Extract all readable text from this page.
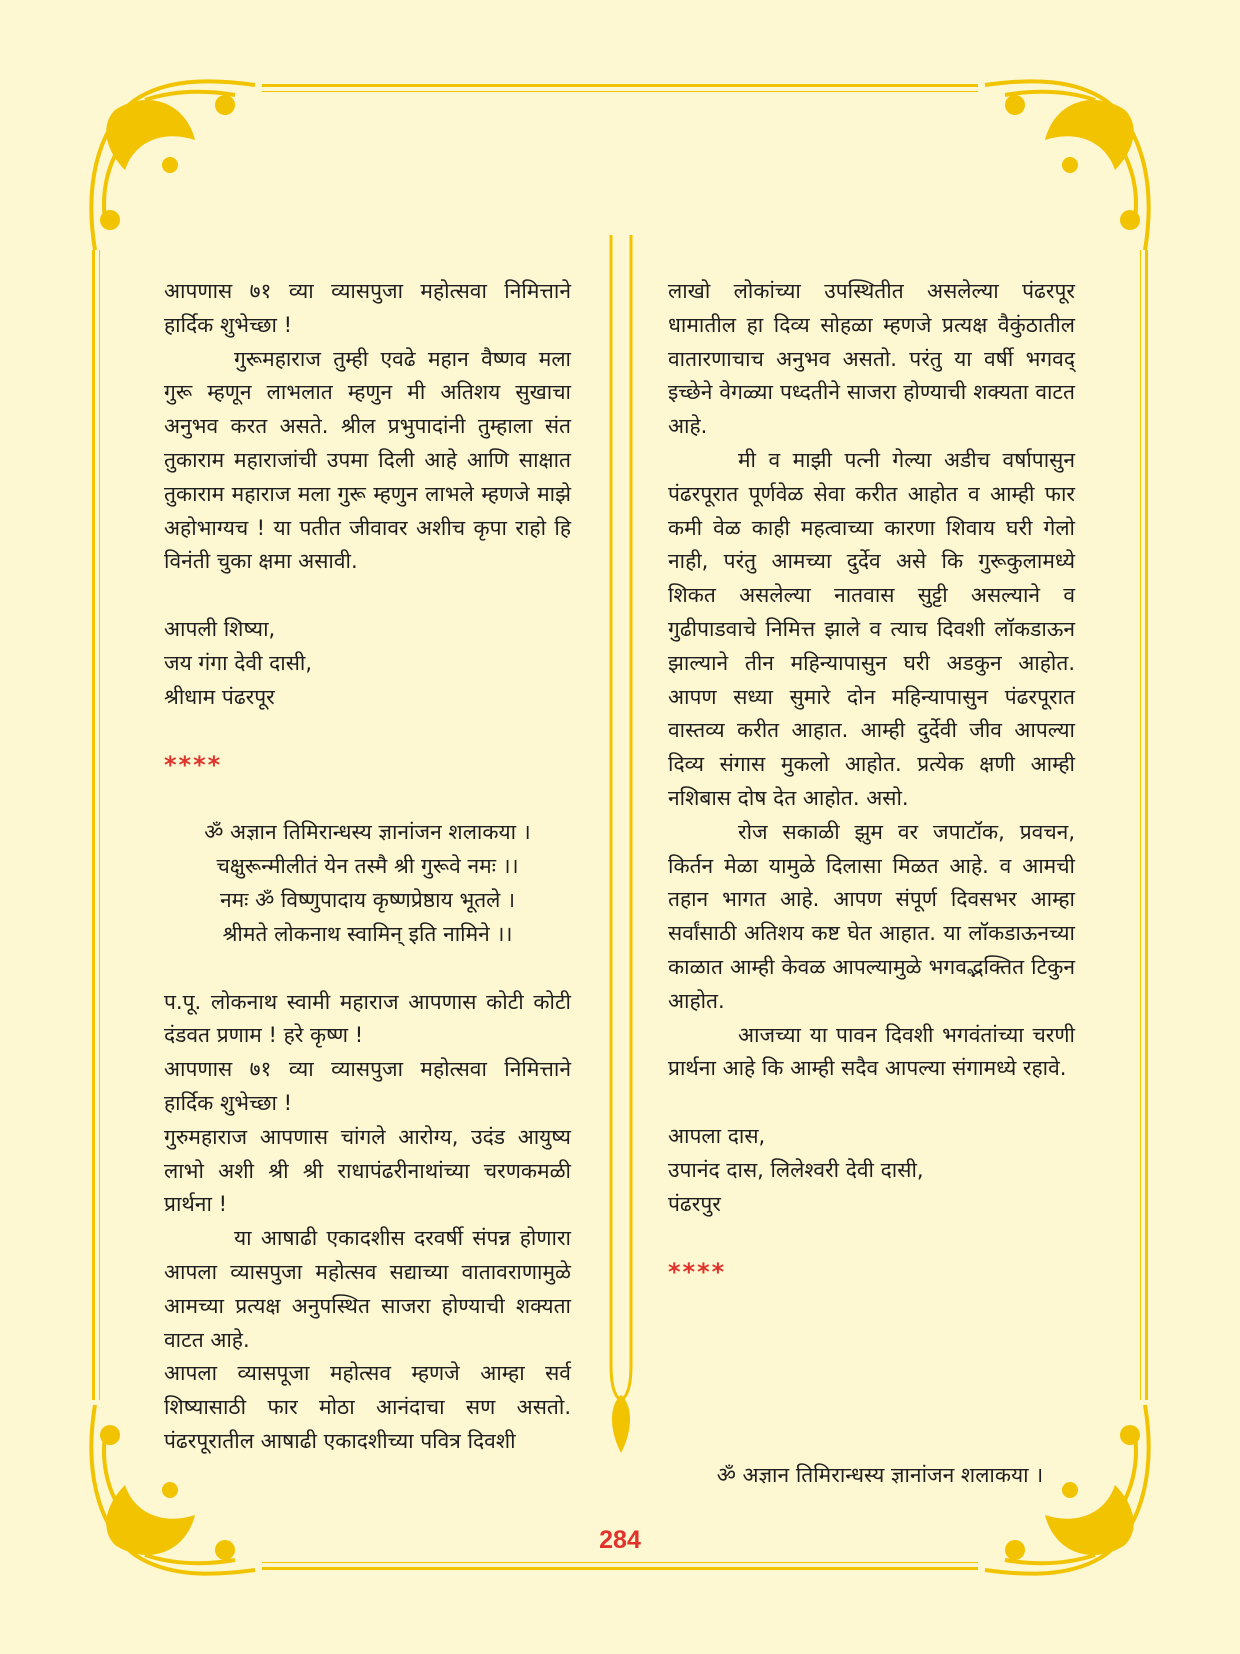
आपणास ७१ व्या व्यासपुजा महोत्सवा निमित्ताने हार्दिक शुभेच्छा !

गुरूमहाराज तुम्ही एवढे महान वैष्णव मला गुरू म्हणून लाभलात म्हणुन मी अतिशय सुखाचा अनुभव करत असते. श्रील प्रभुपादांनी तुम्हाला संत तुकाराम महाराजांची उपमा दिली आहे आणि साक्षात तुकाराम महाराज मला गुरू म्हणुन लाभले म्हणजे माझे अहोभाग्यच ! या पतीत जीवावर अशीच कृपा राहो हि विनंती चुका क्षमा असावी.

आपली शिष्या,

जय गंगा देवी दासी,

श्रीधाम पंढरपूर

****

ॐ अज्ञान तिमिरान्धस्य ज्ञानांजन शलाकया ।

चक्षुरून्मीलीतं येन तस्मै श्री गुरूवे नमः ।।

नमः ॐ विष्णुपादाय कृष्णप्रेष्ठाय भूतले ।

श्रीमते लोकनाथ स्वामिन् इति नामिने ।।

प.पू. लोकनाथ स्वामी महाराज आपणास कोटी कोटी दंडवत प्रणाम ! हरे कृष्ण !

आपणास ७१ व्या व्यासपुजा महोत्सवा निमित्ताने हार्दिक शुभेच्छा !

गुरुमहाराज आपणास चांगले आरोग्य, उदंड आयुष्य लाभो अशी श्री श्री राधापंढरीनाथांच्या चरणकमळी प्रार्थना !

या आषाढी एकादशीस दरवर्षी संपन्न होणारा आपला व्यासपुजा महोत्सव सद्याच्या वातावराणामुळे आमच्या प्रत्यक्ष अनुपस्थित साजरा होण्याची शक्यता वाटत आहे.

आपला व्यासपूजा महोत्सव म्हणजे आम्हा सर्व शिष्यासाठी फार मोठा आनंदाचा सण असतो. पंढरपूरातील आषाढी एकादशीच्या पवित्र दिवशी

लाखो लोकांच्या उपस्थितीत असलेल्या पंढरपूर धामातील हा दिव्य सोहळा म्हणजे प्रत्यक्ष वैकुंठातील वातारणाचाच अनुभव असतो. परंतु या वर्षी भगवद् इच्छेने वेगळ्या पध्दतीने साजरा होण्याची शक्यता वाटत आहे.

मी व माझी पत्नी गेल्या अडीच वर्षापासुन पंढरपूरात पूर्णवेळ सेवा करीत आहोत व आम्ही फार कमी वेळ काही महत्वाच्या कारणा शिवाय घरी गेलो नाही, परंतु आमच्या दुर्देव असे कि गुरूकुलामध्ये शिकत असलेल्या नातवास सुट्टी असल्याने व गुढीपाडवाचे निमित्त झाले व त्याच दिवशी लॉकडाऊन झाल्याने तीन महिन्यापासुन घरी अडकुन आहोत. आपण सध्या सुमारे दोन महिन्यापासुन पंढरपूरात वास्तव्य करीत आहात. आम्ही दुर्देवी जीव आपल्या दिव्य संगास मुकलो आहोत. प्रत्येक क्षणी आम्ही नशिबास दोष देत आहोत. असो.

रोज सकाळी झुम वर जपाटॉक, प्रवचन, किर्तन मेळा यामुळे दिलासा मिळत आहे. व आमची तहान भागत आहे. आपण संपूर्ण दिवसभर आम्हा सर्वांसाठी अतिशय कष्ट घेत आहात. या लॉकडाऊनच्या काळात आम्ही केवळ आपल्यामुळे भगवद्भक्तित टिकुन आहोत.

आजच्या या पावन दिवशी भगवंतांच्या चरणी प्रार्थना आहे कि आम्ही सदैव आपल्या संगामध्ये रहावे.

आपला दास,

उपानंद दास, लिलेश्वरी देवी दासी,

पंढरपुर

****

ॐ अज्ञान तिमिरान्धस्य ज्ञानांजन शलाकया ।
284
